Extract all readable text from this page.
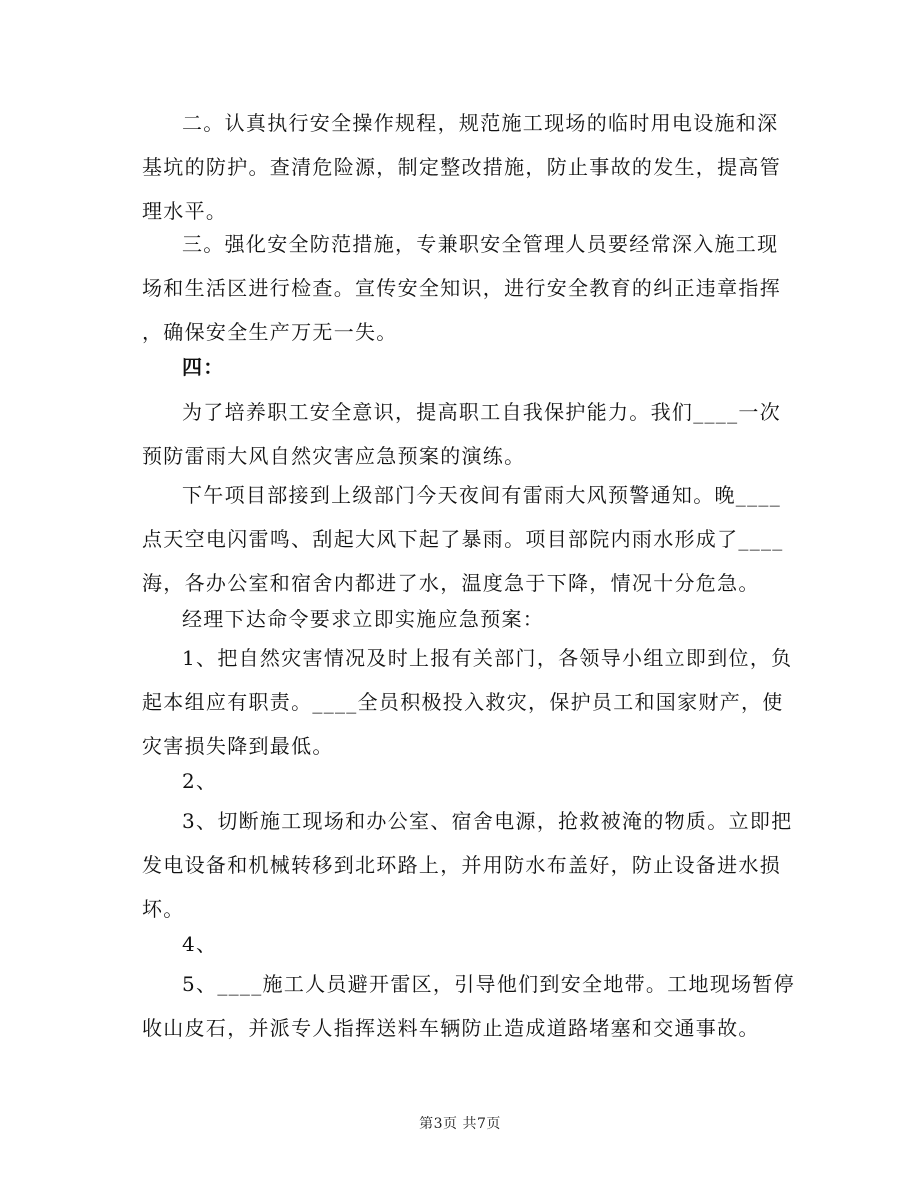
二。认真执行安全操作规程，规范施工现场的临时用电设施和深
基坑的防护。查清危险源，制定整改措施，防止事故的发生，提高管
理水平。
三。强化安全防范措施，专兼职安全管理人员要经常深入施工现
场和生活区进行检查。宣传安全知识，进行安全教育的纠正违章指挥
，确保安全生产万无一失。
四：
为了培养职工安全意识，提高职工自我保护能力。我们____一次
预防雷雨大风自然灾害应急预案的演练。
下午项目部接到上级部门今天夜间有雷雨大风预警通知。晚____
点天空电闪雷鸣、刮起大风下起了暴雨。项目部院内雨水形成了____
海，各办公室和宿舍内都进了水，温度急于下降，情况十分危急。
经理下达命令要求立即实施应急预案：
1、把自然灾害情况及时上报有关部门，各领导小组立即到位，负
起本组应有职责。____全员积极投入救灾，保护员工和国家财产，使
灾害损失降到最低。
2、
3、切断施工现场和办公室、宿舍电源，抢救被淹的物质。立即把
发电设备和机械转移到北环路上，并用防水布盖好，防止设备进水损
坏。
4、
5、____施工人员避开雷区，引导他们到安全地带。工地现场暂停
收山皮石，并派专人指挥送料车辆防止造成道路堵塞和交通事故。
第3页 共7页
